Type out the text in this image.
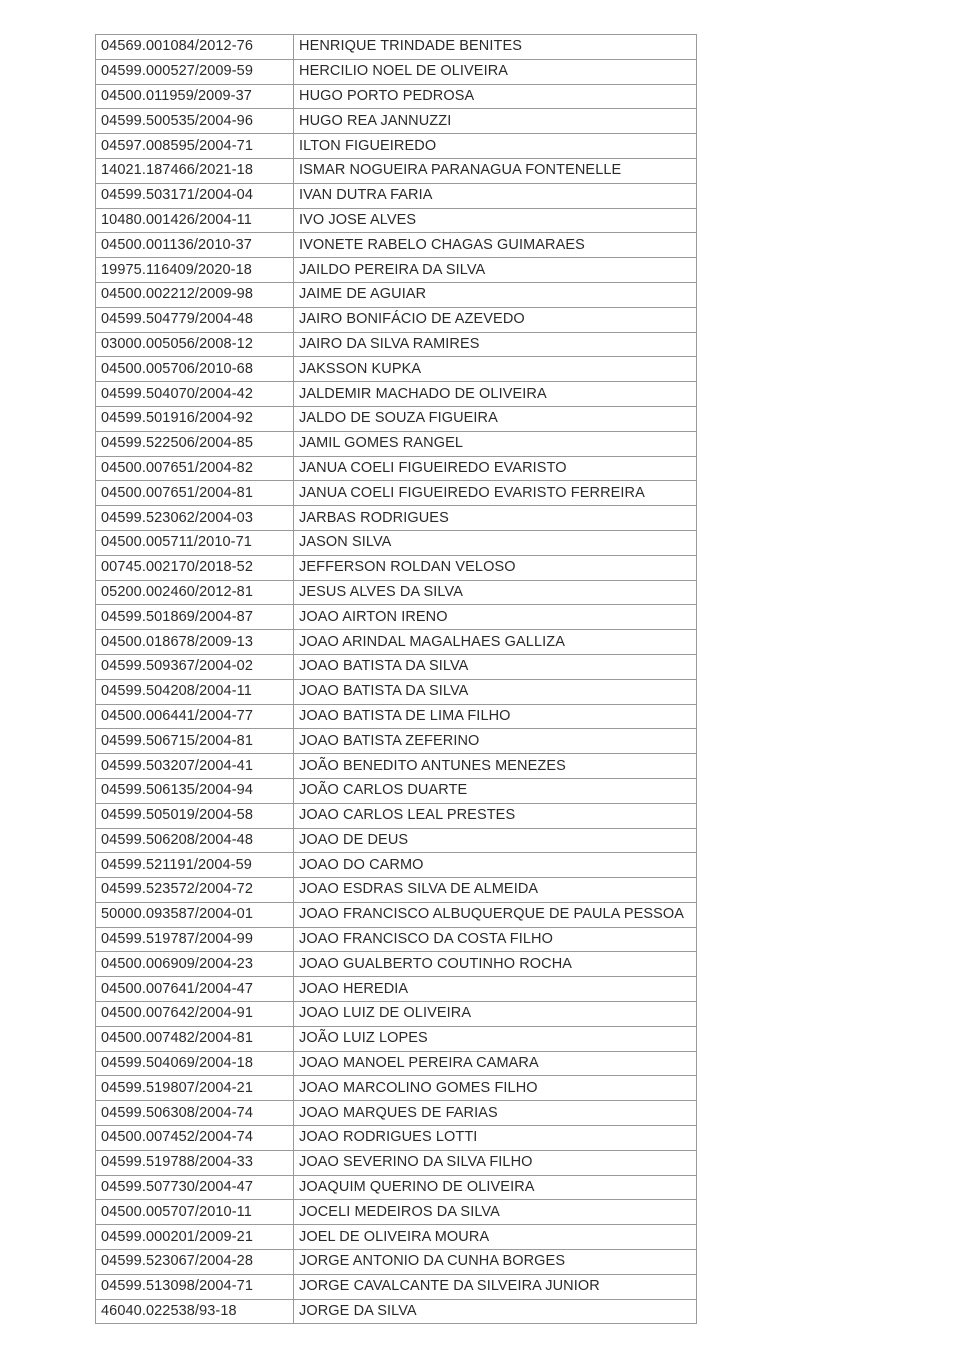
04569.001084/2012-76	HENRIQUE TRINDADE BENITES
04599.000527/2009-59	HERCILIO NOEL DE OLIVEIRA
04500.011959/2009-37	HUGO PORTO PEDROSA
04599.500535/2004-96	HUGO REA JANNUZZI
04597.008595/2004-71	ILTON FIGUEIREDO
14021.187466/2021-18	ISMAR NOGUEIRA PARANAGUA FONTENELLE
04599.503171/2004-04	IVAN DUTRA FARIA
10480.001426/2004-11	IVO JOSE ALVES
04500.001136/2010-37	IVONETE RABELO CHAGAS GUIMARAES
19975.116409/2020-18	JAILDO PEREIRA DA SILVA
04500.002212/2009-98	JAIME DE AGUIAR
04599.504779/2004-48	JAIRO BONIFÁCIO DE AZEVEDO
03000.005056/2008-12	JAIRO DA SILVA RAMIRES
04500.005706/2010-68	JAKSSON KUPKA
04599.504070/2004-42	JALDEMIR MACHADO DE OLIVEIRA
04599.501916/2004-92	JALDO DE SOUZA FIGUEIRA
04599.522506/2004-85	JAMIL GOMES RANGEL
04500.007651/2004-82	JANUA COELI FIGUEIREDO EVARISTO
04500.007651/2004-81	JANUA COELI FIGUEIREDO EVARISTO FERREIRA
04599.523062/2004-03	JARBAS RODRIGUES
04500.005711/2010-71	JASON SILVA
00745.002170/2018-52	JEFFERSON ROLDAN VELOSO
05200.002460/2012-81	JESUS ALVES DA SILVA
04599.501869/2004-87	JOAO AIRTON IRENO
04500.018678/2009-13	JOAO ARINDAL MAGALHAES GALLIZA
04599.509367/2004-02	JOAO BATISTA DA SILVA
04599.504208/2004-11	JOAO BATISTA DA SILVA
04500.006441/2004-77	JOAO BATISTA DE LIMA FILHO
04599.506715/2004-81	JOAO BATISTA ZEFERINO
04599.503207/2004-41	JOÃO BENEDITO ANTUNES MENEZES
04599.506135/2004-94	JOÃO CARLOS DUARTE
04599.505019/2004-58	JOAO CARLOS LEAL PRESTES
04599.506208/2004-48	JOAO DE DEUS
04599.521191/2004-59	JOAO DO CARMO
04599.523572/2004-72	JOAO ESDRAS SILVA DE ALMEIDA
50000.093587/2004-01	JOAO FRANCISCO ALBUQUERQUE DE PAULA PESSOA
04599.519787/2004-99	JOAO FRANCISCO DA COSTA FILHO
04500.006909/2004-23	JOAO GUALBERTO COUTINHO ROCHA
04500.007641/2004-47	JOAO HEREDIA
04500.007642/2004-91	JOAO LUIZ DE OLIVEIRA
04500.007482/2004-81	JOÃO LUIZ LOPES
04599.504069/2004-18	JOAO MANOEL PEREIRA CAMARA
04599.519807/2004-21	JOAO MARCOLINO GOMES FILHO
04599.506308/2004-74	JOAO MARQUES DE FARIAS
04500.007452/2004-74	JOAO RODRIGUES LOTTI
04599.519788/2004-33	JOAO SEVERINO DA SILVA FILHO
04599.507730/2004-47	JOAQUIM QUERINO DE OLIVEIRA
04500.005707/2010-11	JOCELI MEDEIROS DA SILVA
04599.000201/2009-21	JOEL DE OLIVEIRA MOURA
04599.523067/2004-28	JORGE ANTONIO DA CUNHA BORGES
04599.513098/2004-71	JORGE CAVALCANTE DA SILVEIRA JUNIOR
46040.022538/93-18	JORGE DA SILVA
